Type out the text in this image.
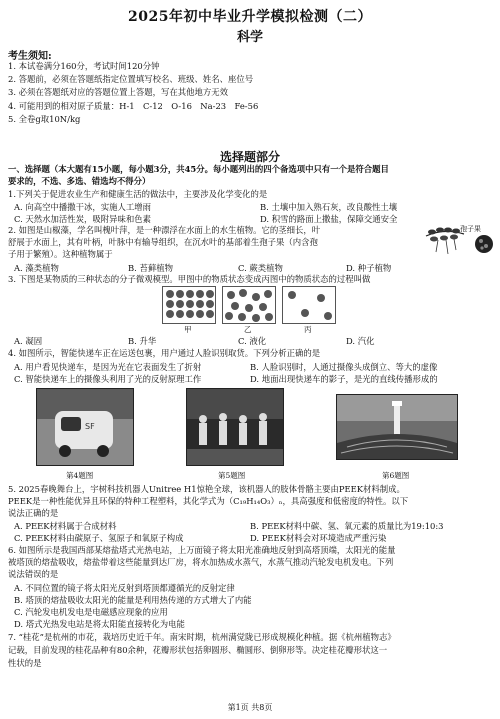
2025年初中毕业升学模拟检测（二）
科学
考生须知:
1. 本试卷满分160分，考试时间120分钟
2. 答题前，必须在答题纸指定位置填写校名、班级、姓名、座位号
3. 必须在答题纸对应的答题位置上答题，写在其他地方无效
4. 可能用到的相对原子质量：H-1　C-12　O-16　Na-23　Fe-56
5. 全卷g取10N/kg
选择题部分
一、选择题（本大题有15小题，每小题3分，共45分。每小题列出的四个备选项中只有一个是符合题目
要求的，不选、多选、错选均不得分）
1.下列关于促进农业生产和健康生活的做法中，主要涉及化学变化的是
A. 向高空中播撒干冰，实施人工增雨	B. 土壤中加入熟石灰，改良酸性土壤
C. 天然水加活性炭，吸附异味和色素	D. 积雪的路面上撒盐，保障交通安全
2. 如图是山椒藻，学名叫槐叶萍，是一种漂浮在水面上的水生植物。它的茎细长，叶
舒展于水面上，其有叶柄，叶脉中有输导组织，在沉水叶的基部着生孢子果（内含孢
子用于繁殖）。这种植物属于
A. 藻类植物	B. 苔藓植物	C. 蕨类植物	D. 种子植物
孢子果
3. 下图是某物质的三种状态的分子微观模型。甲图中的物质状态变成丙图中的物质状态的过程叫做
甲	乙	丙
A. 凝固	B. 升华	C. 液化	D. 汽化
4. 如图所示，智能快递车正在运送包裹，用户通过人脸识别取货。下列分析正确的是
A. 用户看见快递车，是因为光在它表面发生了折射	B. 人脸识别时，人通过摄像头成倒立、等大的虚像
C. 智能快递车上的摄像头利用了光的反射原理工作	D. 地面出现快递车的影子，是光的直线传播形成的
SF
第4题图	第5题图	第6题图
5. 2025春晚舞台上，宇树科技机器人Unitree H1惊艳全球，该机器人的肢体骨骼主要由PEEK材料制成。
PEEK是一种性能优异且环保的特种工程塑料，其化学式为（C₁₉H₁₄O₃）ₙ，具高强度和低密度的特性。以下
说法正确的是
A. PEEK材料属于合成材料	B. PEEK材料中碳、氢、氧元素的质量比为19:10:3
C. PEEK材料由碳原子、氢原子和氧原子构成	D. PEEK材料会对环境造成严重污染
6. 如图所示是我国西部某熔盐塔式光热电站，上万面镜子将太阳光准确地反射到高塔顶端，太阳光的能量
被塔顶的熔盐吸收，熔盐带着这些能量到达厂房，将水加热成水蒸气，水蒸气推动汽轮发电机发电。下列
说法错误的是
A. 不同位置的镜子将太阳光反射到塔顶都遵循光的反射定律
B. 塔顶的熔盐吸收太阳光的能量是利用热传递的方式增大了内能
C. 汽轮发电机发电是电磁感应现象的应用
D. 塔式光热发电站是将太阳能直接转化为电能
7. “桂花”是杭州的市花，栽培历史近千年。南宋时期，杭州满觉陇已形成规模化种植。据《杭州植物志》
记载，目前发现的桂花品种有80余种，花瓣形状包括卵圆形、椭圆形、倒卵形等。决定桂花瓣形状这一
性状的是
第1页 共8页
